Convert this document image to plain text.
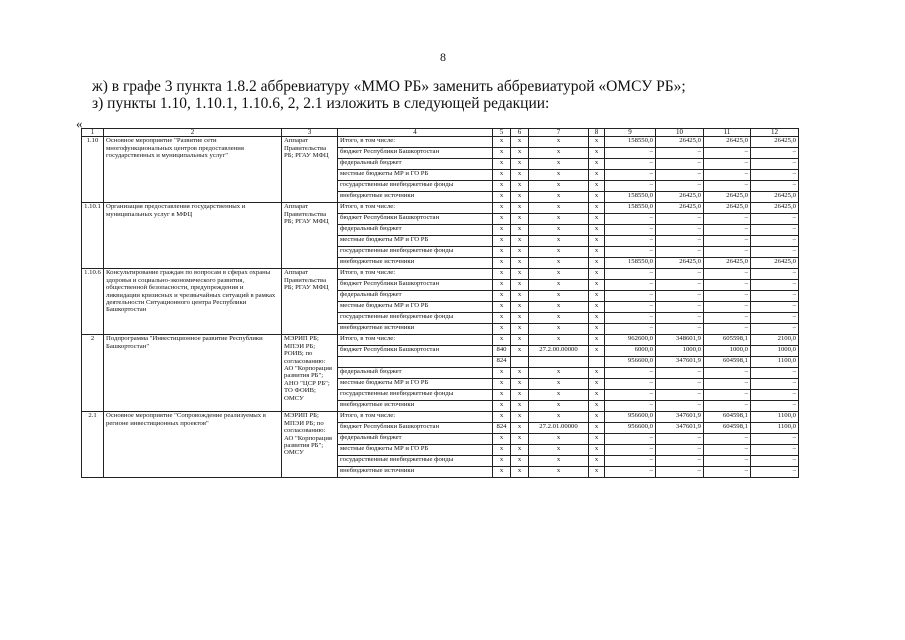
8
ж) в графе 3 пункта 1.8.2 аббревиатуру «ММО РБ» заменить аббревиатурой «ОМСУ РБ»;
з) пункты 1.10, 1.10.1, 1.10.6, 2, 2.1 изложить в следующей редакции:
«
1	2	3	4	5	6	7	8	9	10	11	12
1.10	Основное мероприятие "Развитие сети многофункциональных центров предоставления государственных и муниципальных услуг"	Аппарат Правительства РБ; РГАУ МФЦ	Итого, в том числе:	x	x	x	x	158550,0	26425,0	26425,0	26425,0
			бюджет Республики Башкортостан	x	x	x	x	–	–	–	–
			федеральный бюджет	x	x	x	x	–	–	–	–
			местные бюджеты МР и ГО РБ	x	x	x	x	–	–	–	–
			государственные внебюджетные фонды	x	x	x	x	–	–	–	–
			внебюджетные источники	x	x	x	x	158550,0	26425,0	26425,0	26425,0
1.10.1	Организация предоставления государственных и муниципальных услуг в МФЦ	Аппарат Правительства РБ; РГАУ МФЦ	Итого, в том числе:	x	x	x	x	158550,0	26425,0	26425,0	26425,0
			бюджет Республики Башкортостан	x	x	x	x	–	–	–	–
			федеральный бюджет	x	x	x	x	–	–	–	–
			местные бюджеты МР и ГО РБ	x	x	x	x	–	–	–	–
			государственные внебюджетные фонды	x	x	x	x	–	–	–	–
			внебюджетные источники	x	x	x	x	158550,0	26425,0	26425,0	26425,0
1.10.6	Консультирование граждан по вопросам в сферах охраны здоровья и социально-экономического развития, общественной безопасности, предупреждения и ликвидации кризисных и чрезвычайных ситуаций в рамках деятельности Ситуационного центра Республики Башкортостан	Аппарат Правительства РБ; РГАУ МФЦ	Итого, в том числе:	x	x	x	x	–	–	–	–
			бюджет Республики Башкортостан	x	x	x	x	–	–	–	–
			федеральный бюджет	x	x	x	x	–	–	–	–
			местные бюджеты МР и ГО РБ	x	x	x	x	–	–	–	–
			государственные внебюджетные фонды	x	x	x	x	–	–	–	–
			внебюджетные источники	x	x	x	x	–	–	–	–
2	Подпрограмма "Инвестиционное развитие Республики Башкортостан"	МЭРИП РБ; МПЭИ РБ; РОИВ; по согласованию: АО "Корпорация развития РБ"; АНО "ЦСР РБ"; ТО ФОИВ; ОМСУ	Итого, в том числе:	x	x	x	x	962600,0	348601,9	605598,1	2100,0
			бюджет Республики Башкортостан	840	x	27.2.00.00000	x	6000,0	1000,0	1000,0	1000,0
				824				956600,0	347601,9	604598,1	1100,0
			федеральный бюджет	x	x	x	x	–	–	–	–
			местные бюджеты МР и ГО РБ	x	x	x	x	–	–	–	–
			государственные внебюджетные фонды	x	x	x	x	–	–	–	–
			внебюджетные источники	x	x	x	x	–	–	–	–
2.1	Основное мероприятие "Сопровождение реализуемых в регионе инвестиционных проектов"	МЭРИП РБ; МПЭИ РБ; по согласованию: АО "Корпорация развития РБ"; ОМСУ	Итого, в том числе:	x	x	x	x	956600,0	347601,9	604598,1	1100,0
			бюджет Республики Башкортостан	824	x	27.2.01.00000	x	956600,0	347601,9	604598,1	1100,0
			федеральный бюджет	x	x	x	x	–	–	–	–
			местные бюджеты МР и ГО РБ	x	x	x	x	–	–	–	–
			государственные внебюджетные фонды	x	x	x	x	–	–	–	–
			внебюджетные источники	x	x	x	x	–	–	–	–
